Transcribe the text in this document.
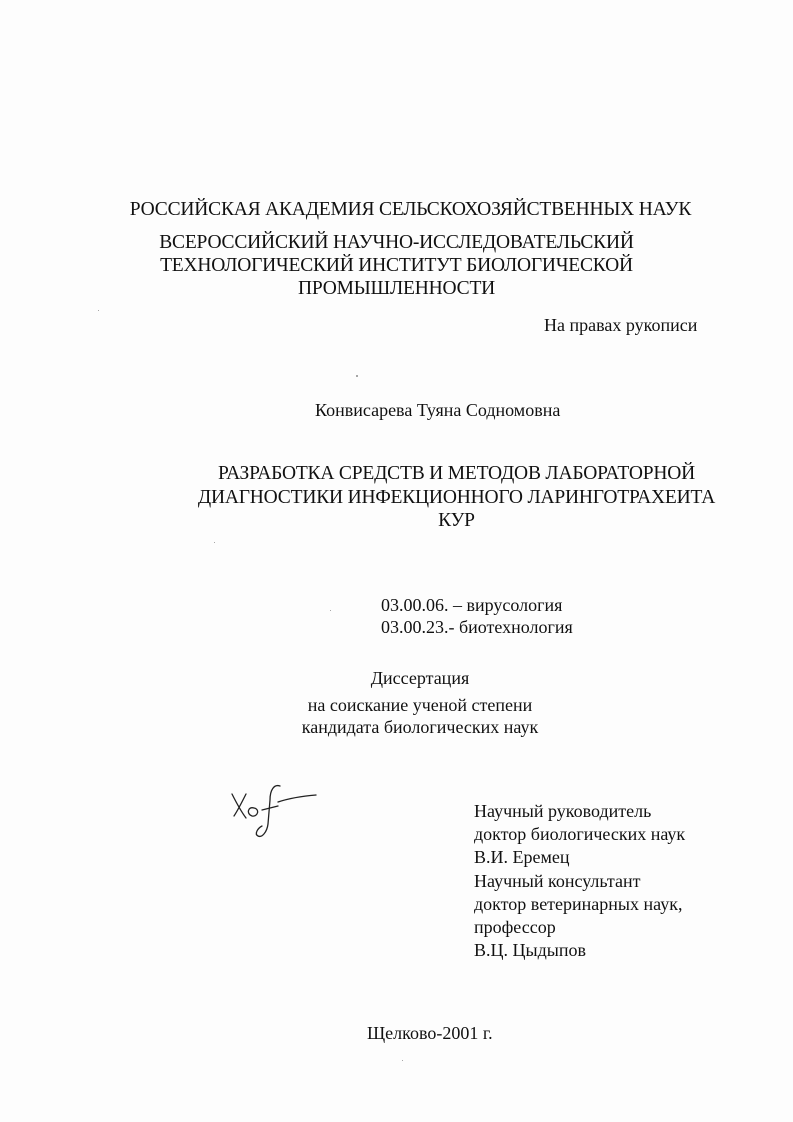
РОССИЙСКАЯ АКАДЕМИЯ СЕЛЬСКОХОЗЯЙСТВЕННЫХ НАУК
ВСЕРОССИЙСКИЙ НАУЧНО-ИССЛЕДОВАТЕЛЬСКИЙ
ТЕХНОЛОГИЧЕСКИЙ ИНСТИТУТ БИОЛОГИЧЕСКОЙ
ПРОМЫШЛЕННОСТИ
На правах рукописи
Конвисарева Туяна Содномовна
РАЗРАБОТКА СРЕДСТВ И МЕТОДОВ ЛАБОРАТОРНОЙ
ДИАГНОСТИКИ ИНФЕКЦИОННОГО ЛАРИНГОТРАХЕИТА
КУР
03.00.06. – вирусология
03.00.23.- биотехнология
Диссертация
на соискание ученой степени
кандидата биологических наук
Научный руководитель
доктор биологических наук
В.И. Еремец
Научный консультант
доктор ветеринарных наук,
профессор
В.Ц. Цыдыпов
Щелково-2001 г.
